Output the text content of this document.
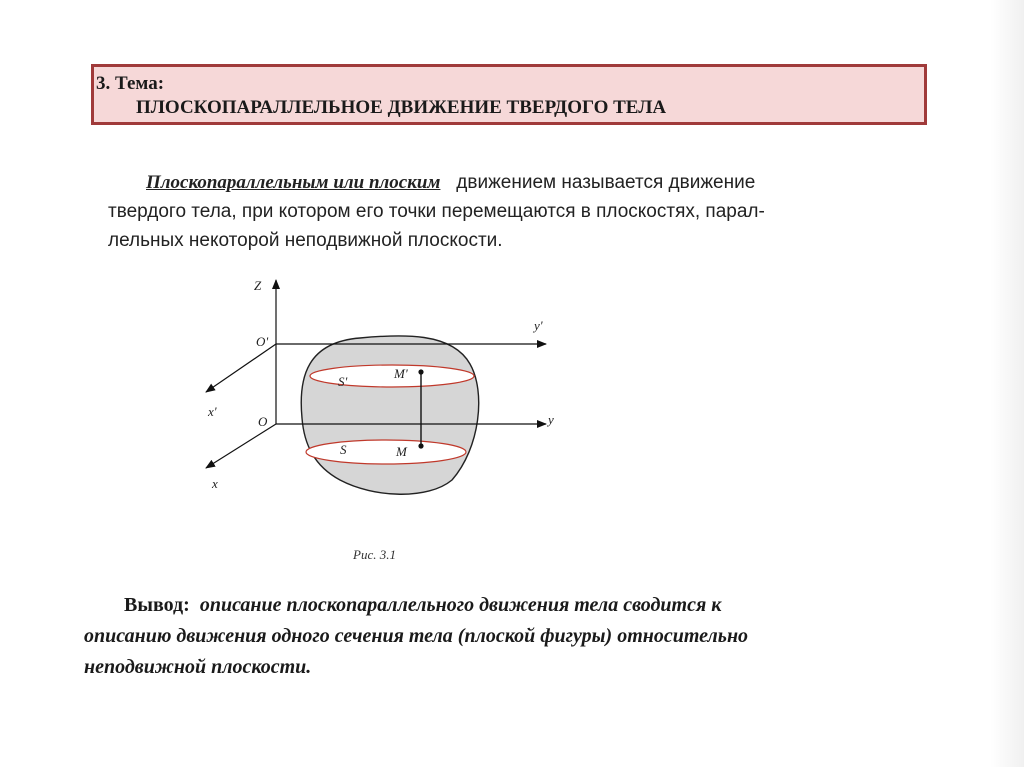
3. Тема:
ПЛОСКОПАРАЛЛЕЛЬНОЕ ДВИЖЕНИЕ ТВЕРДОГО ТЕЛА
Плоскопараллельным или плоским движением называется движение
твердого тела, при котором его точки перемещаются в плоскостях, парал-
лельных некоторой неподвижной плоскости.
Z
O'
y'
x'
O	y
x
S'
M'
S	M
Рис. 3.1
Вывод: описание плоскопараллельного движения тела сводится к
описанию движения одного сечения тела (плоской фигуры) относительно
неподвижной плоскости.
